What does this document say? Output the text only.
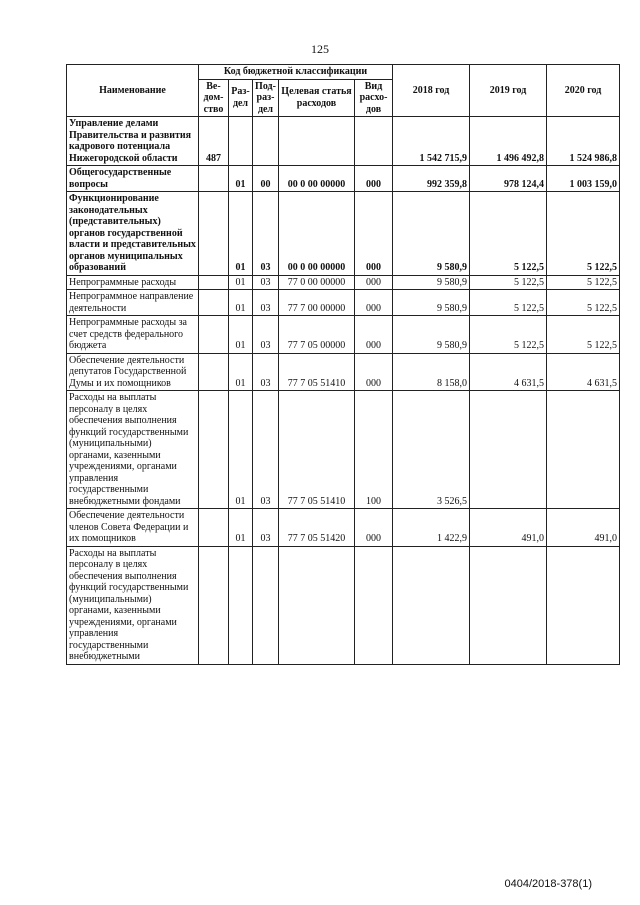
125
Наименование	Код бюджетной классификации					2018 год	2019 год	2020 год
	Ве-дом-ство	Раз-дел	Под-раз-дел	Целевая статья расходов	Вид расхо-дов			
Управление делами Правительства и развития кадрового потенциала Нижегородской области	487					1 542 715,9	1 496 492,8	1 524 986,8
Общегосударственные вопросы		01	00	00 0 00 00000	000	992 359,8	978 124,4	1 003 159,0
Функционирование законодательных (представительных) органов государственной власти и представительных органов муниципальных образований		01	03	00 0 00 00000	000	9 580,9	5 122,5	5 122,5
Непрограммные расходы		01	03	77 0 00 00000	000	9 580,9	5 122,5	5 122,5
Непрограммное направление деятельности		01	03	77 7 00 00000	000	9 580,9	5 122,5	5 122,5
Непрограммные расходы за счет средств федерального бюджета		01	03	77 7 05 00000	000	9 580,9	5 122,5	5 122,5
Обеспечение деятельности депутатов Государственной Думы и их помощников		01	03	77 7 05 51410	000	8 158,0	4 631,5	4 631,5
Расходы на выплаты персоналу в целях обеспечения выполнения функций государственными (муниципальными) органами, казенными учреждениями, органами управления государственными внебюджетными фондами		01	03	77 7 05 51410	100	3 526,5		
Обеспечение деятельности членов Совета Федерации и их помощников		01	03	77 7 05 51420	000	1 422,9	491,0	491,0
Расходы на выплаты персоналу в целях обеспечения выполнения функций государственными (муниципальными) органами, казенными учреждениями, органами управления государственными внебюджетными								
0404/2018-378(1)
